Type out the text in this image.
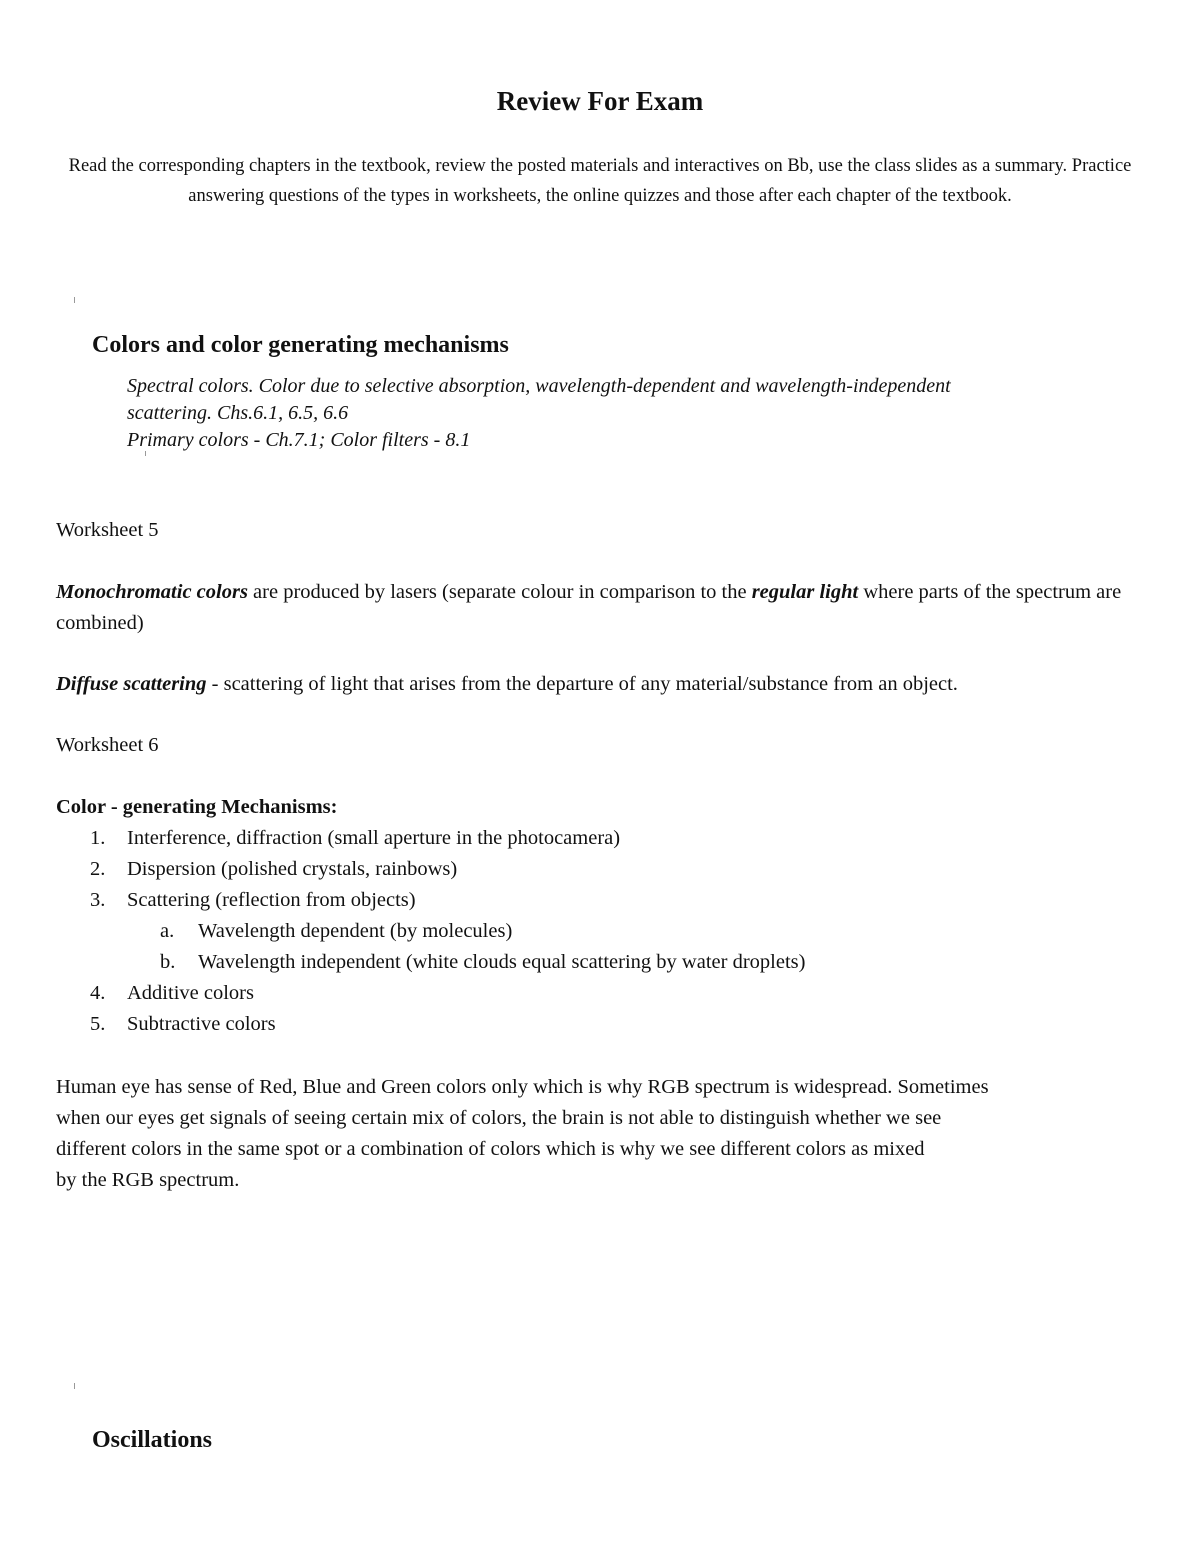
Review For Exam

Read the corresponding chapters in the textbook, review the posted materials and interactives on Bb, use the class slides as a summary. Practice answering questions of the types in worksheets, the online quizzes and those after each chapter of the textbook.

Colors and color generating mechanisms
Spectral colors. Color due to selective absorption, wavelength-dependent and wavelength-independent
scattering. Chs.6.1, 6.5, 6.6
Primary colors - Ch.7.1; Color filters - 8.1

Worksheet 5

Monochromatic colors are produced by lasers (separate colour in comparison to the regular light where parts of the spectrum are combined)

Diffuse scattering - scattering of light that arises from the departure of any material/substance from an object.

Worksheet 6

Color - generating Mechanisms:

1.	Interference, diffraction (small aperture in the photocamera)
2.	Dispersion (polished crystals, rainbows)
3.	Scattering (reflection from objects)
a.	Wavelength dependent (by molecules)
b.	Wavelength independent (white clouds equal scattering by water droplets)
4.	Additive colors
5.	Subtractive colors
Human eye has sense of Red, Blue and Green colors only which is why RGB spectrum is widespread. Sometimes
when our eyes get signals of seeing certain mix of colors, the brain is not able to distinguish whether we see
different colors in the same spot or a combination of colors which is why we see different colors as mixed
by the RGB spectrum.
Oscillations
